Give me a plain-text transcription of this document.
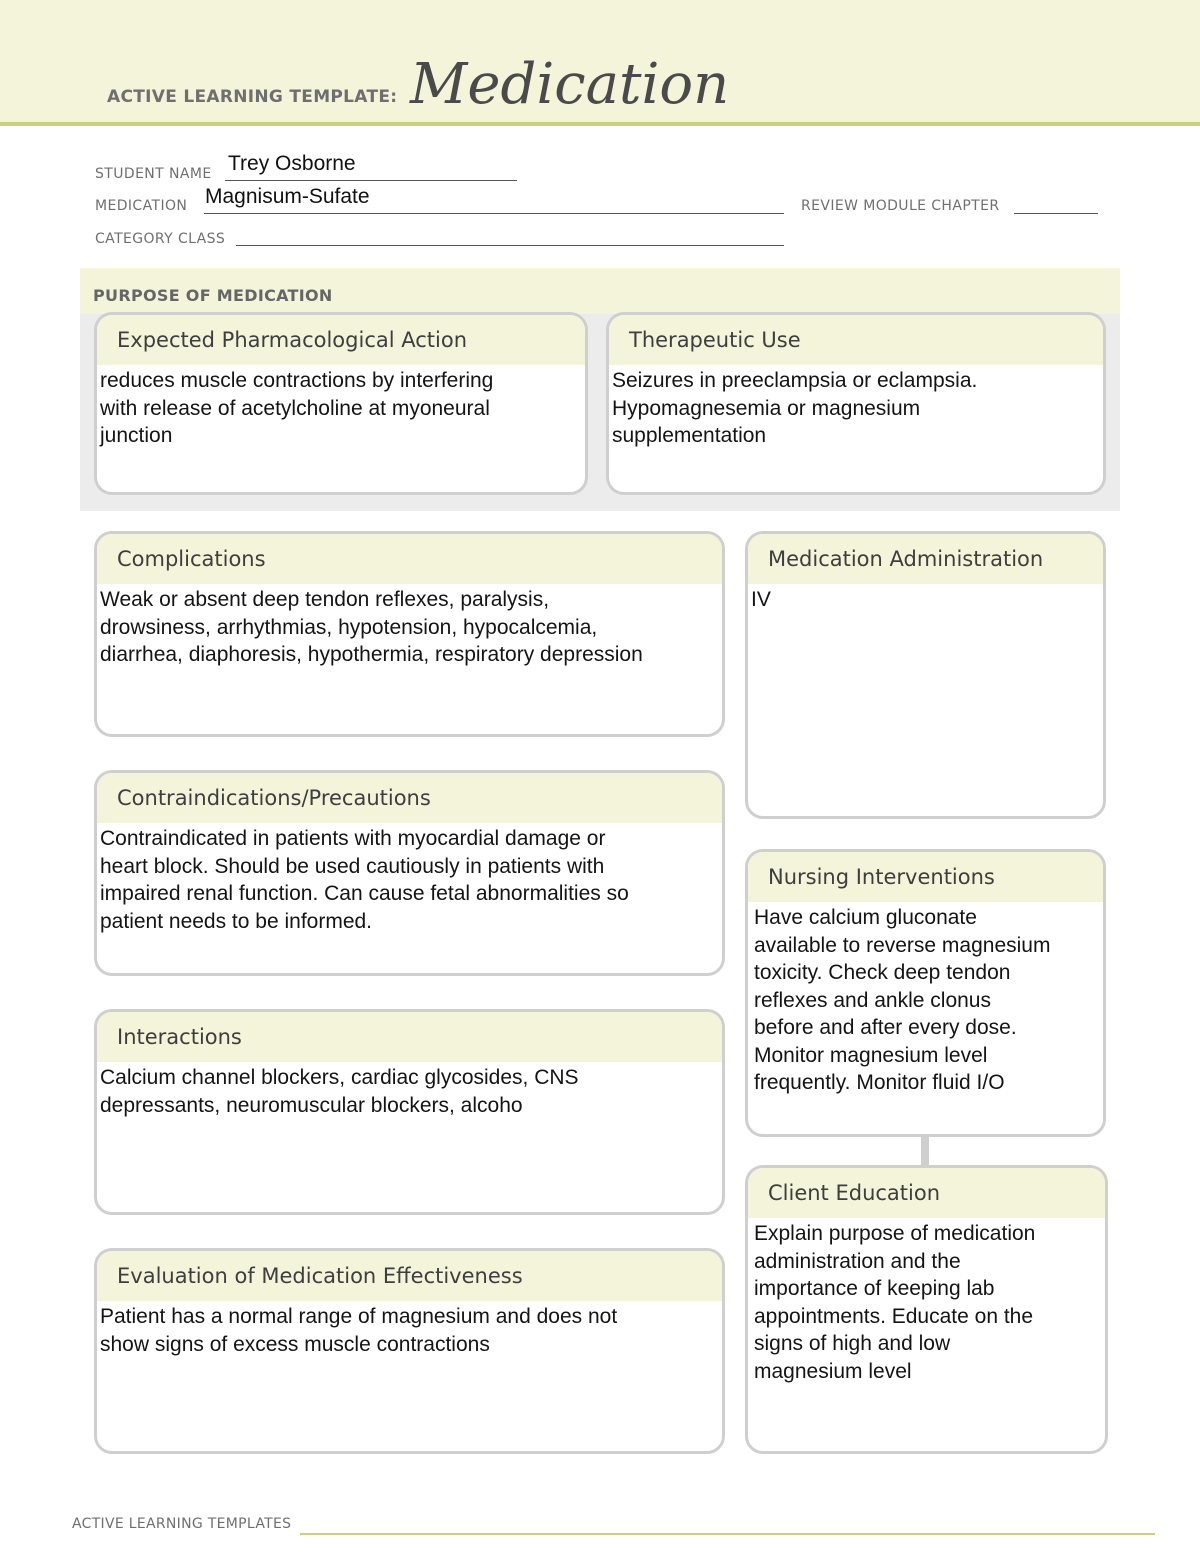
ACTIVE LEARNING TEMPLATE: Medication
STUDENT NAME Trey Osborne
MEDICATION Magnisum-Sufate	REVIEW MODULE CHAPTER
CATEGORY CLASS
PURPOSE OF MEDICATION
Expected Pharmacological Action
reduces muscle contractions by interfering
with release of acetylcholine at myoneural
junction
Therapeutic Use
Seizures in preeclampsia or eclampsia.
Hypomagnesemia or magnesium
supplementation
Complications
Weak or absent deep tendon reflexes, paralysis,
drowsiness, arrhythmias, hypotension, hypocalcemia,
diarrhea, diaphoresis, hypothermia, respiratory depression
Contraindications/Precautions
Contraindicated in patients with myocardial damage or
heart block. Should be used cautiously in patients with
impaired renal function. Can cause fetal abnormalities so
patient needs to be informed.
Interactions
Calcium channel blockers, cardiac glycosides, CNS
depressants, neuromuscular blockers, alcoho
Evaluation of Medication Effectiveness
Patient has a normal range of magnesium and does not
show signs of excess muscle contractions
Medication Administration
IV
Nursing Interventions
Have calcium gluconate
available to reverse magnesium
toxicity. Check deep tendon
reflexes and ankle clonus
before and after every dose.
Monitor magnesium level
frequently. Monitor fluid I/O
Client Education
Explain purpose of medication
administration and the
importance of keeping lab
appointments. Educate on the
signs of high and low
magnesium level
ACTIVE LEARNING TEMPLATES
